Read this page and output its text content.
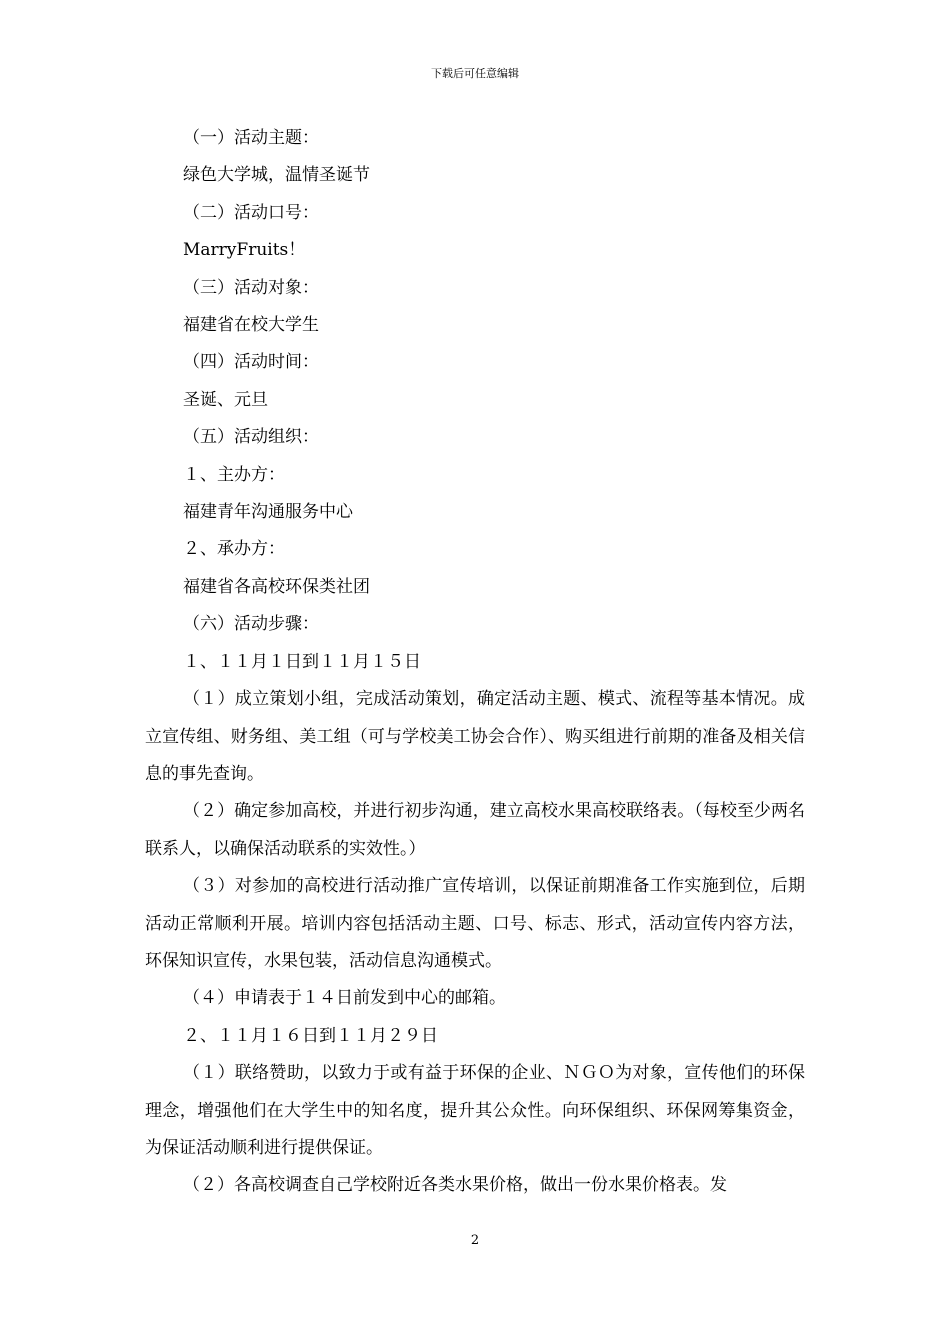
下载后可任意编辑
（一）活动主题：
绿色大学城，温情圣诞节
（二）活动口号：
MarryFruits！
（三）活动对象：
福建省在校大学生
（四）活动时间：
圣诞、元旦
（五）活动组织：
１、主办方：
福建青年沟通服务中心
２、承办方：
福建省各高校环保类社团
（六）活动步骤：
１、１１月１日到１１月１５日
（１）成立策划小组，完成活动策划，确定活动主题、模式、流程等基本情况。成立宣传组、财务组、美工组（可与学校美工协会合作）、购买组进行前期的准备及相关信息的事先查询。
（２）确定参加高校，并进行初步沟通，建立高校水果高校联络表。（每校至少两名联系人，以确保活动联系的实效性。）
（３）对参加的高校进行活动推广宣传培训，以保证前期准备工作实施到位，后期活动正常顺利开展。培训内容包括活动主题、口号、标志、形式，活动宣传内容方法，环保知识宣传，水果包装，活动信息沟通模式。
（４）申请表于１４日前发到中心的邮箱。
２、１１月１６日到１１月２９日
（１）联络赞助，以致力于或有益于环保的企业、ＮＧＯ为对象，宣传他们的环保理念，增强他们在大学生中的知名度，提升其公众性。向环保组织、环保网筹集资金，为保证活动顺利进行提供保证。
（２）各高校调查自己学校附近各类水果价格，做出一份水果价格表。发
2
